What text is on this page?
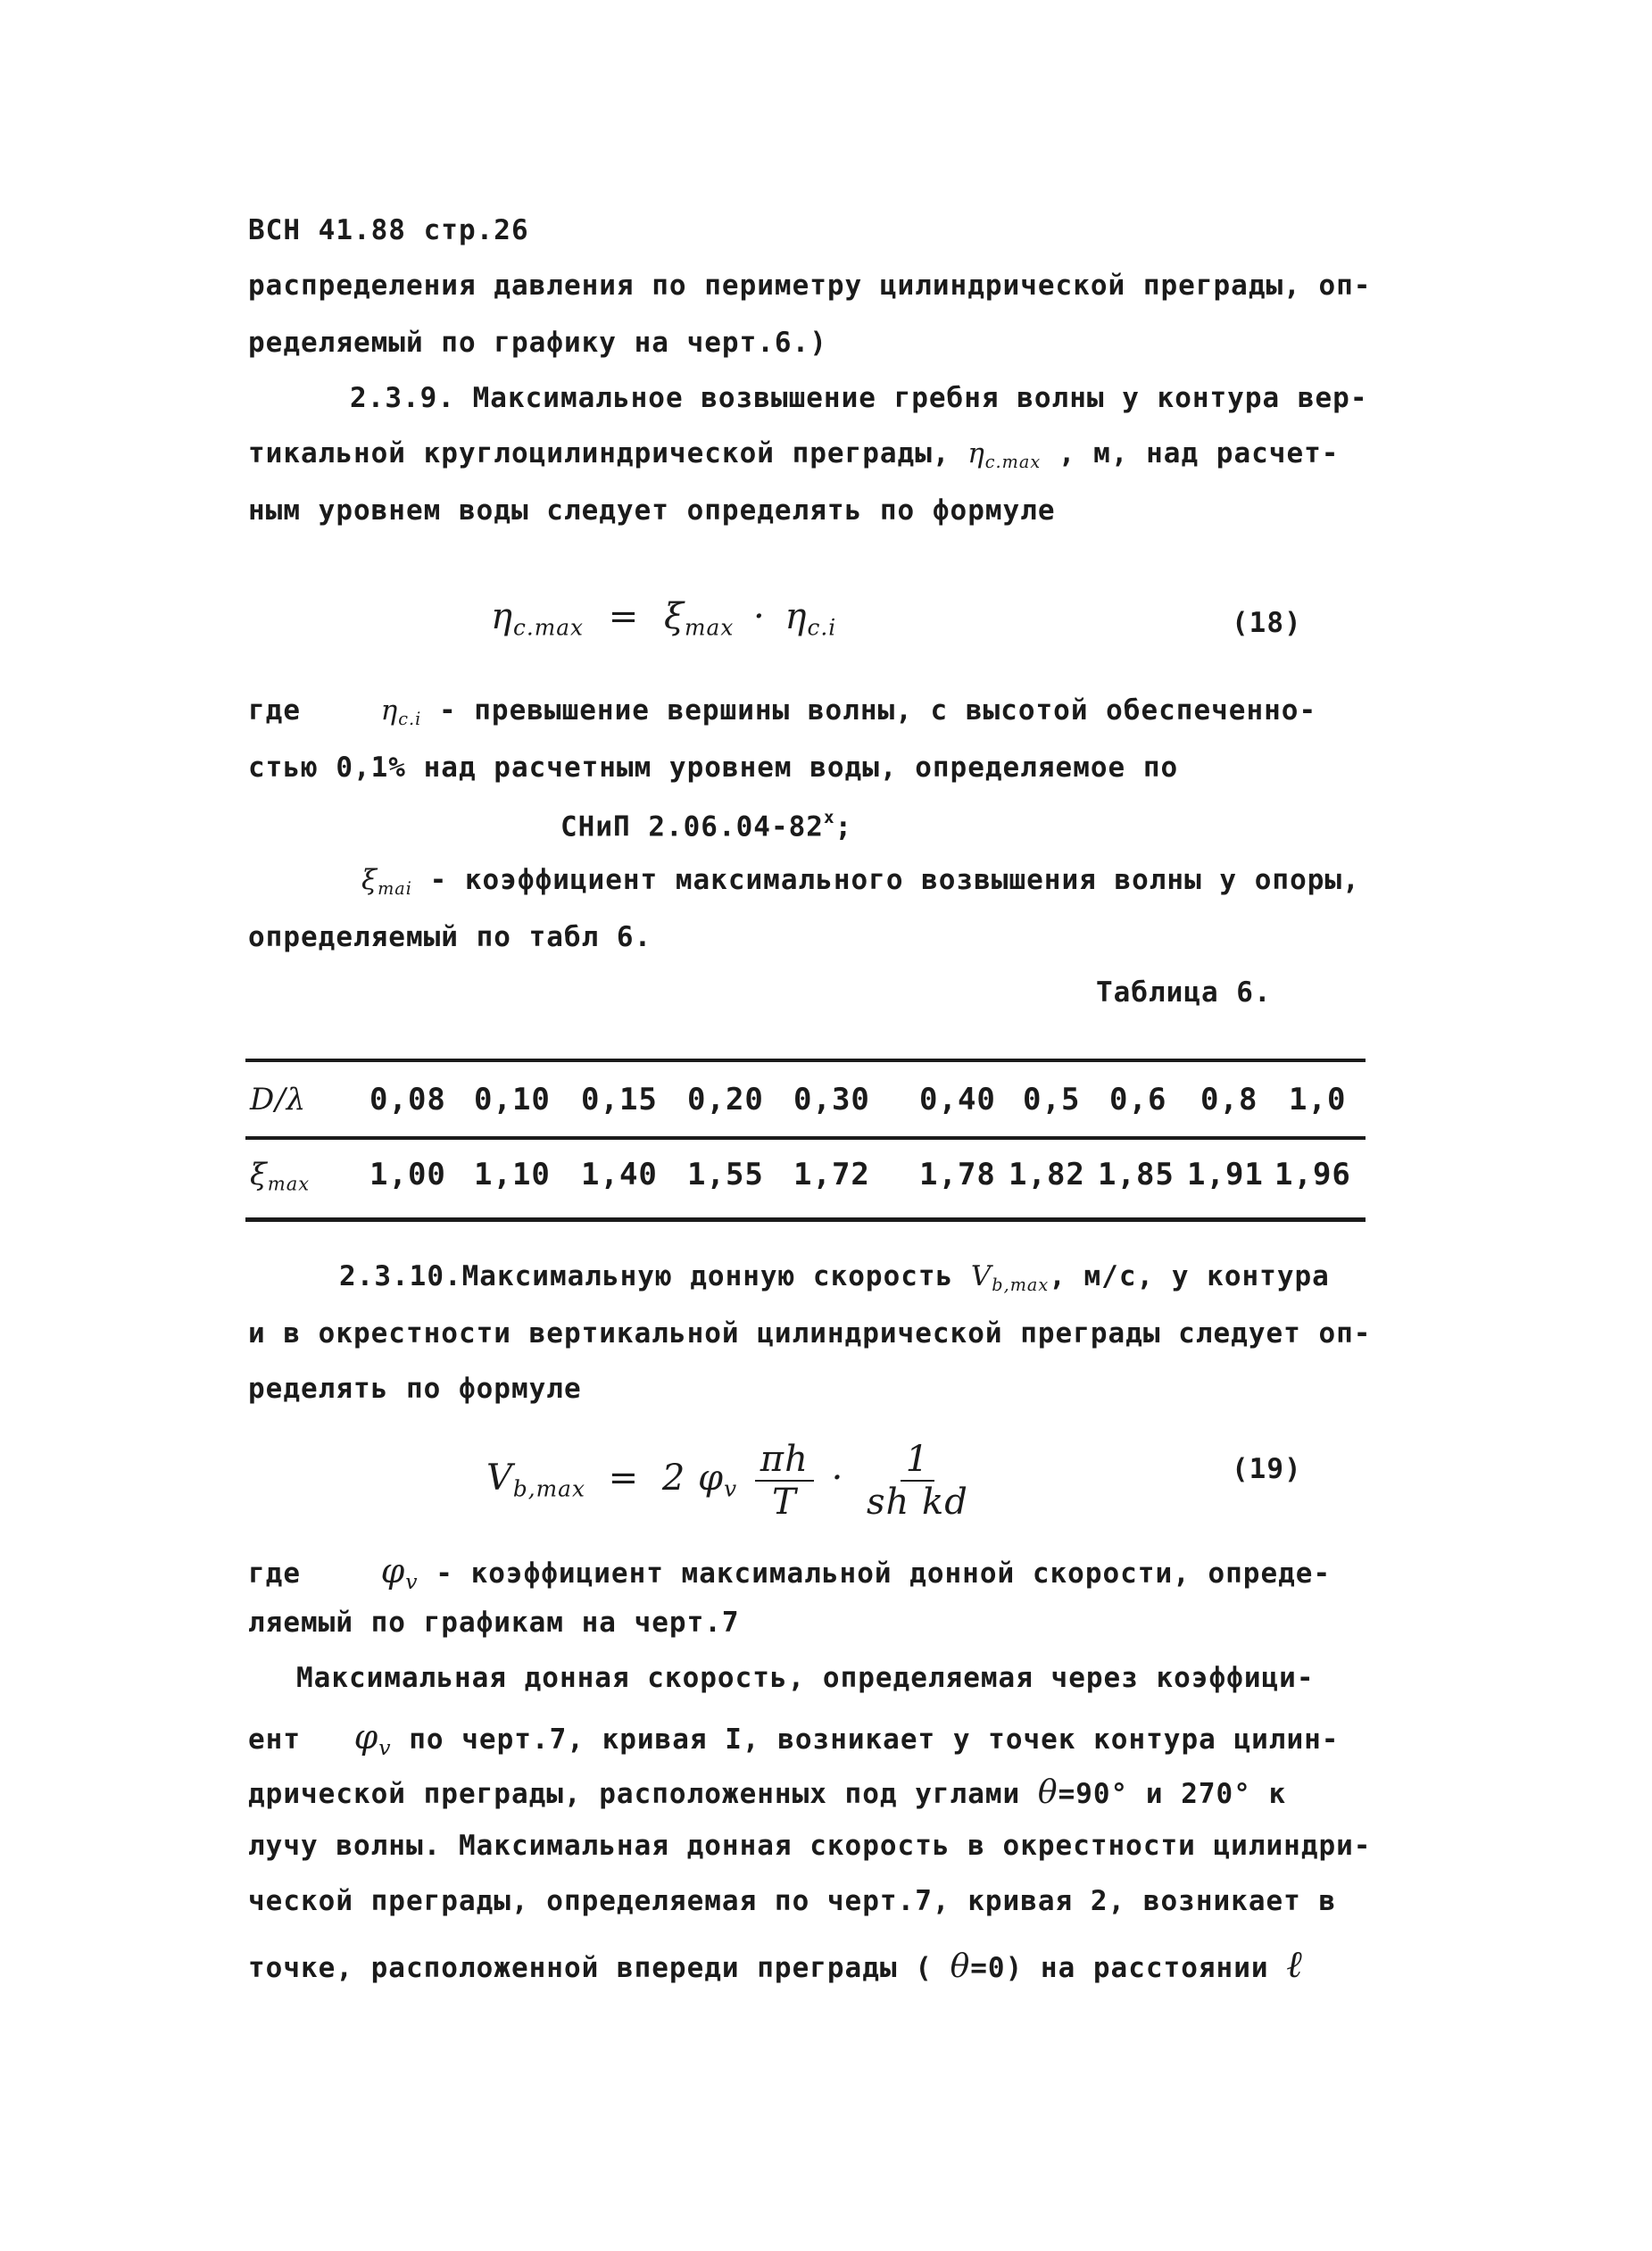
ВСН 41.88 стр.26
распределения давления по периметру цилиндрической преграды, оп-
ределяемый по графику на черт.6.)
2.3.9. Максимальное возвышение гребня волны у контура вер-
тикальной круглоцилиндрической преграды, $\eta_{c.max}$ , м, над расчет-
ным уровнем воды следует определять по формуле
$\eta_{c.max} = \xi_{max} \cdot \eta_{c.i}$	(18)
где	$\eta_{c.i}$ - превышение вершины волны, с высотой обеспеченно-
стью 0,1% над расчетным уровнем воды, определяемое по
СНиП 2.06.04-82$^x$;
$\xi_{mai}$ - коэффициент максимального возвышения волны у опоры,
определяемый по табл 6.
Таблица 6.
D/λ 0,08 0,10 0,15 0,20 0,30 0,40 0,5 0,6 0,8 1,0
$\xi_{max}$ 1,00 1,10 1,40 1,55 1,72 1,78 1,82 1,85 1,91 1,96
2.3.10.Максимальную донную скорость $V_{b,max}$, м/с, у контура
и в окрестности вертикальной цилиндрической преграды следует оп-
ределять по формуле
$V_{b,max} = 2$ $\varphi_v \frac{\pi h}{T} \cdot \frac{1}{\text{sh kd}}$	(19)
где $\varphi_v$ - коэффициент максимальной донной скорости, опреде-
ляемый по графикам на черт.7
Максимальная донная скорость, определяемая через коэффици-
ент $\varphi_v$ по черт.7, кривая I, возникает у точек контура цилин-
дрической преграды, расположенных под углами θ=90° и 270° к
лучу волны. Максимальная донная скорость в окрестности цилиндри-
ческой преграды, определяемая по черт.7, кривая 2, возникает в
точке, расположенной впереди преграды ( θ=0) на расстоянии ℓ
